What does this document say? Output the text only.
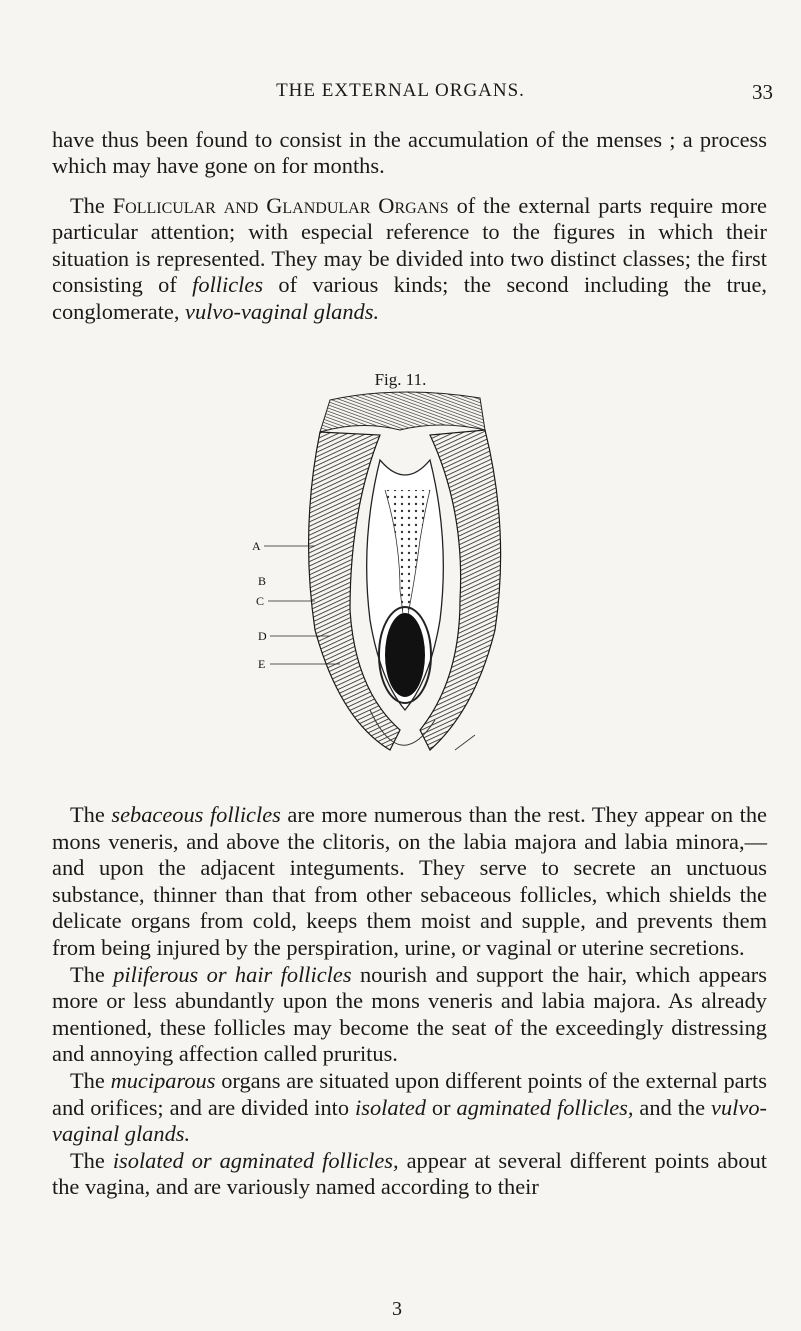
THE EXTERNAL ORGANS.	33

have thus been found to consist in the accumulation of the menses ; a process which may have gone on for months.

The Follicular and Glandular Organs of the external parts require more particular attention; with especial reference to the figures in which their situation is represented. They may be divided into two distinct classes; the first consisting of follicles of various kinds; the second including the true, conglomerate, vulvo-vaginal glands.

Fig. 11.
A
B
C
D
E

The sebaceous follicles are more numerous than the rest. They appear on the mons veneris, and above the clitoris, on the labia majora and labia minora,—and upon the adjacent integuments. They serve to secrete an unctuous substance, thinner than that from other sebaceous follicles, which shields the delicate organs from cold, keeps them moist and supple, and prevents them from being injured by the perspiration, urine, or vaginal or uterine secretions.

The piliferous or hair follicles nourish and support the hair, which appears more or less abundantly upon the mons veneris and labia majora. As already mentioned, these follicles may become the seat of the exceedingly distressing and annoying affection called pruritus.

The muciparous organs are situated upon different points of the external parts and orifices; and are divided into isolated or agminated follicles, and the vulvo-vaginal glands.

The isolated or agminated follicles, appear at several different points about the vagina, and are variously named according to their

3
